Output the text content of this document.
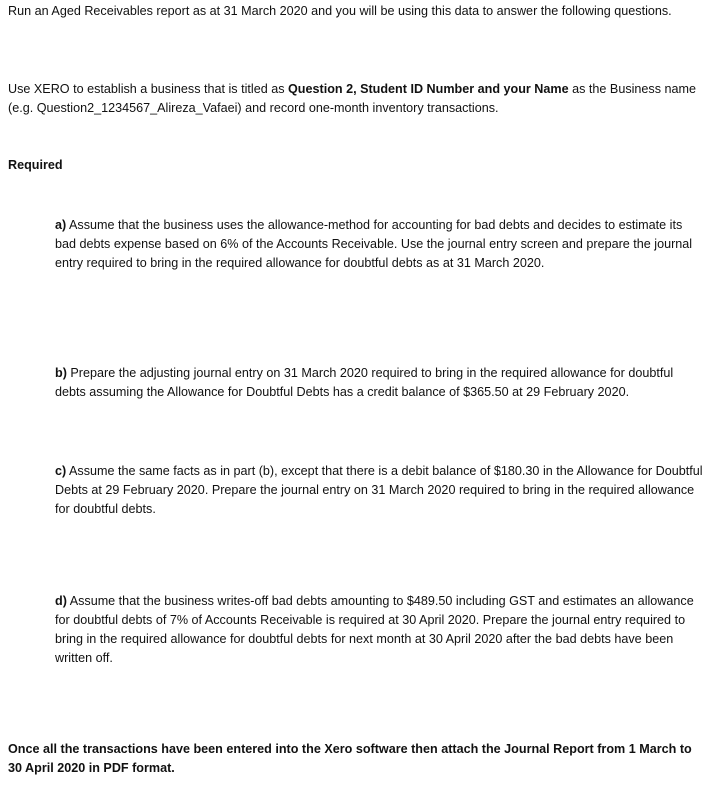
Run an Aged Receivables report as at 31 March 2020 and you will be using this data to answer the following questions.

Use XERO to establish a business that is titled as Question 2, Student ID Number and your Name as the Business name (e.g. Question2_1234567_Alireza_Vafaei) and record one-month inventory transactions.

Required

a) Assume that the business uses the allowance-method for accounting for bad debts and decides to estimate its bad debts expense based on 6% of the Accounts Receivable. Use the journal entry screen and prepare the journal entry required to bring in the required allowance for doubtful debts as at 31 March 2020.

b) Prepare the adjusting journal entry on 31 March 2020 required to bring in the required allowance for doubtful debts assuming the Allowance for Doubtful Debts has a credit balance of $365.50 at 29 February 2020.

c) Assume the same facts as in part (b), except that there is a debit balance of $180.30 in the Allowance for Doubtful Debts at 29 February 2020. Prepare the journal entry on 31 March 2020 required to bring in the required allowance for doubtful debts.

d) Assume that the business writes-off bad debts amounting to $489.50 including GST and estimates an allowance for doubtful debts of 7% of Accounts Receivable is required at 30 April 2020. Prepare the journal entry required to bring in the required allowance for doubtful debts for next month at 30 April 2020 after the bad debts have been written off.

Once all the transactions have been entered into the Xero software then attach the Journal Report from 1 March to 30 April 2020 in PDF format.
